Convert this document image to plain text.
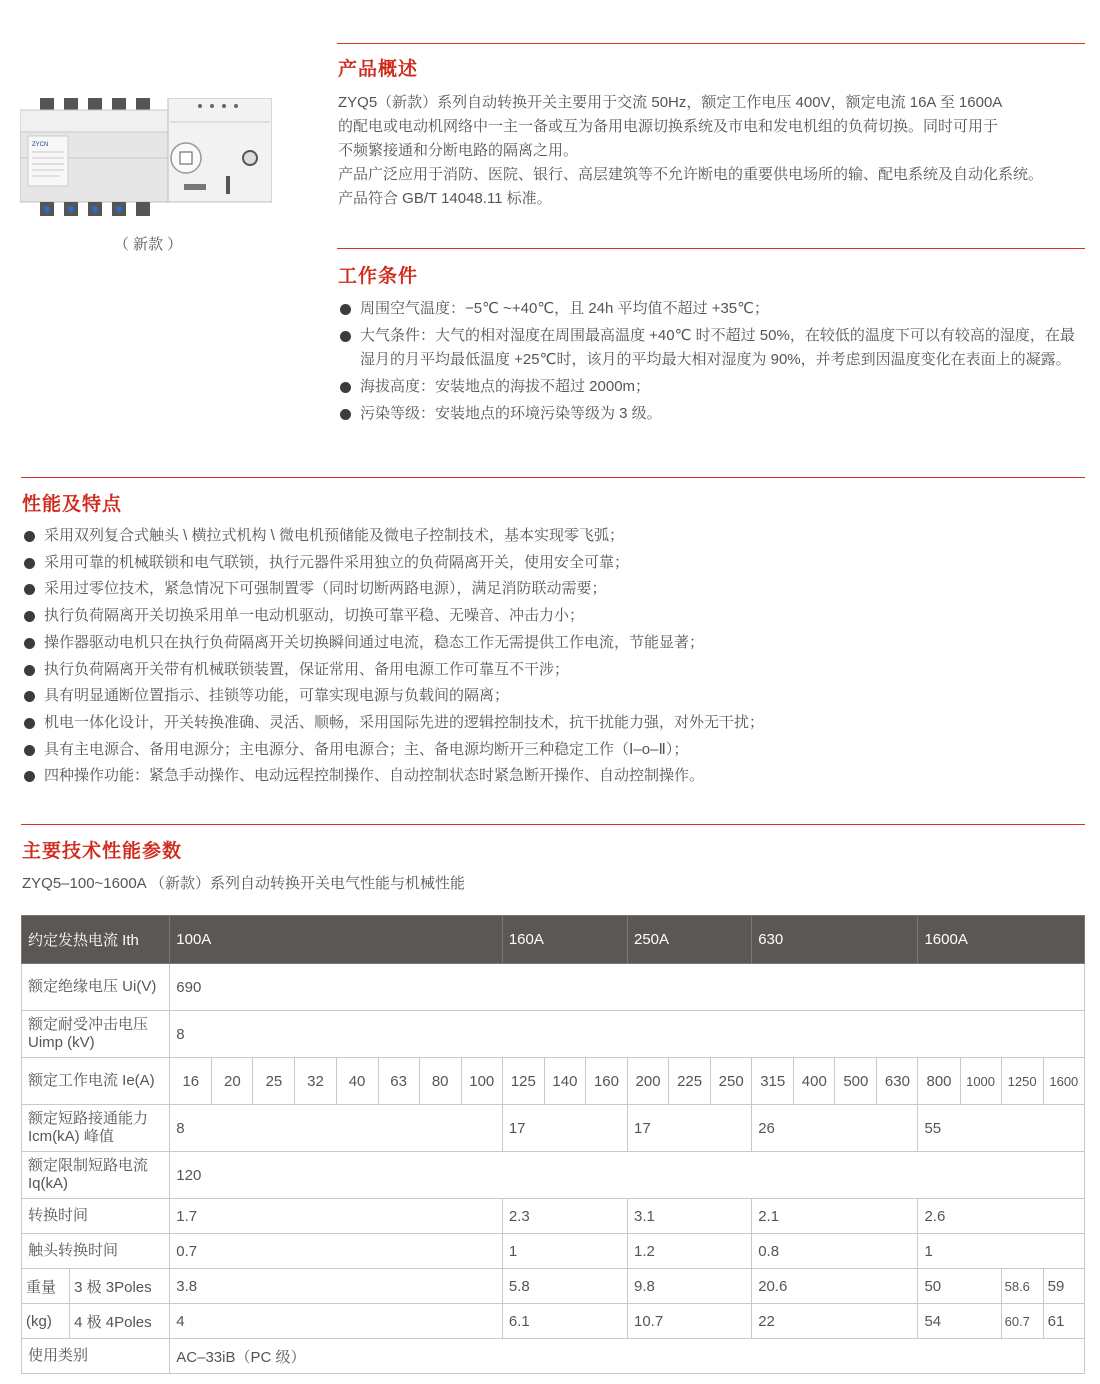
ZYCN
（ 新款 ）
产品概述
ZYQ5（新款）系列自动转换开关主要用于交流 50Hz，额定工作电压 400V，额定电流 16A 至 1600A
的配电或电动机网络中一主一备或互为备用电源切换系统及市电和发电机组的负荷切换。同时可用于
不频繁接通和分断电路的隔离之用。
产品广泛应用于消防、医院、银行、高层建筑等不允许断电的重要供电场所的输、配电系统及自动化系统。
产品符合 GB/T 14048.11 标准。
工作条件
周围空气温度：−5℃ ~+40℃，且 24h 平均值不超过 +35℃；
大气条件：大气的相对湿度在周围最高温度 +40℃ 时不超过 50%，在较低的温度下可以有较高的湿度，在最湿月的月平均最低温度 +25℃时，该月的平均最大相对湿度为 90%，并考虑到因温度变化在表面上的凝露。
海拔高度：安装地点的海拔不超过 2000m；
污染等级：安装地点的环境污染等级为 3 级。
性能及特点
采用双列复合式触头 \ 横拉式机构 \ 微电机预储能及微电子控制技术，基本实现零飞弧；
采用可靠的机械联锁和电气联锁，执行元器件采用独立的负荷隔离开关，使用安全可靠；
采用过零位技术，紧急情况下可强制置零（同时切断两路电源），满足消防联动需要；
执行负荷隔离开关切换采用单一电动机驱动，切换可靠平稳、无噪音、冲击力小；
操作器驱动电机只在执行负荷隔离开关切换瞬间通过电流，稳态工作无需提供工作电流，节能显著；
执行负荷隔离开关带有机械联锁装置，保证常用、备用电源工作可靠互不干涉；
具有明显通断位置指示、挂锁等功能，可靠实现电源与负载间的隔离；
机电一体化设计，开关转换准确、灵活、顺畅，采用国际先进的逻辑控制技术，抗干扰能力强，对外无干扰；
具有主电源合、备用电源分；主电源分、备用电源合；主、备电源均断开三种稳定工作（Ⅰ–o–Ⅱ）；
四种操作功能：紧急手动操作、电动远程控制操作、自动控制状态时紧急断开操作、自动控制操作。
主要技术性能参数
ZYQ5–100~1600A （新款）系列自动转换开关电气性能与机械性能
约定发热电流 Ith		100A								160A			250A			630				1600A			
额定绝缘电压 Ui(V)		690																					
额定耐受冲击电压 Uimp (kV)		8																					
额定工作电流 Ie(A)		16	20	25	32	40	63	80	100	125	140	160	200	225	250	315	400	500	630	800	1000	1250	1600
额定短路接通能力 Icm(kA) 峰值		8								17			17			26				55			
额定限制短路电流 Iq(kA)		120																					
转换时间		1.7								2.3			3.1			2.1				2.6			
触头转换时间		0.7								1			1.2			0.8				1			
重量	3 极 3Poles	3.8								5.8			9.8			20.6				50		58.6	59
(kg)	4 极 4Poles	4								6.1			10.7			22				54		60.7	61
使用类别		AC–33iB（PC 级）																					
